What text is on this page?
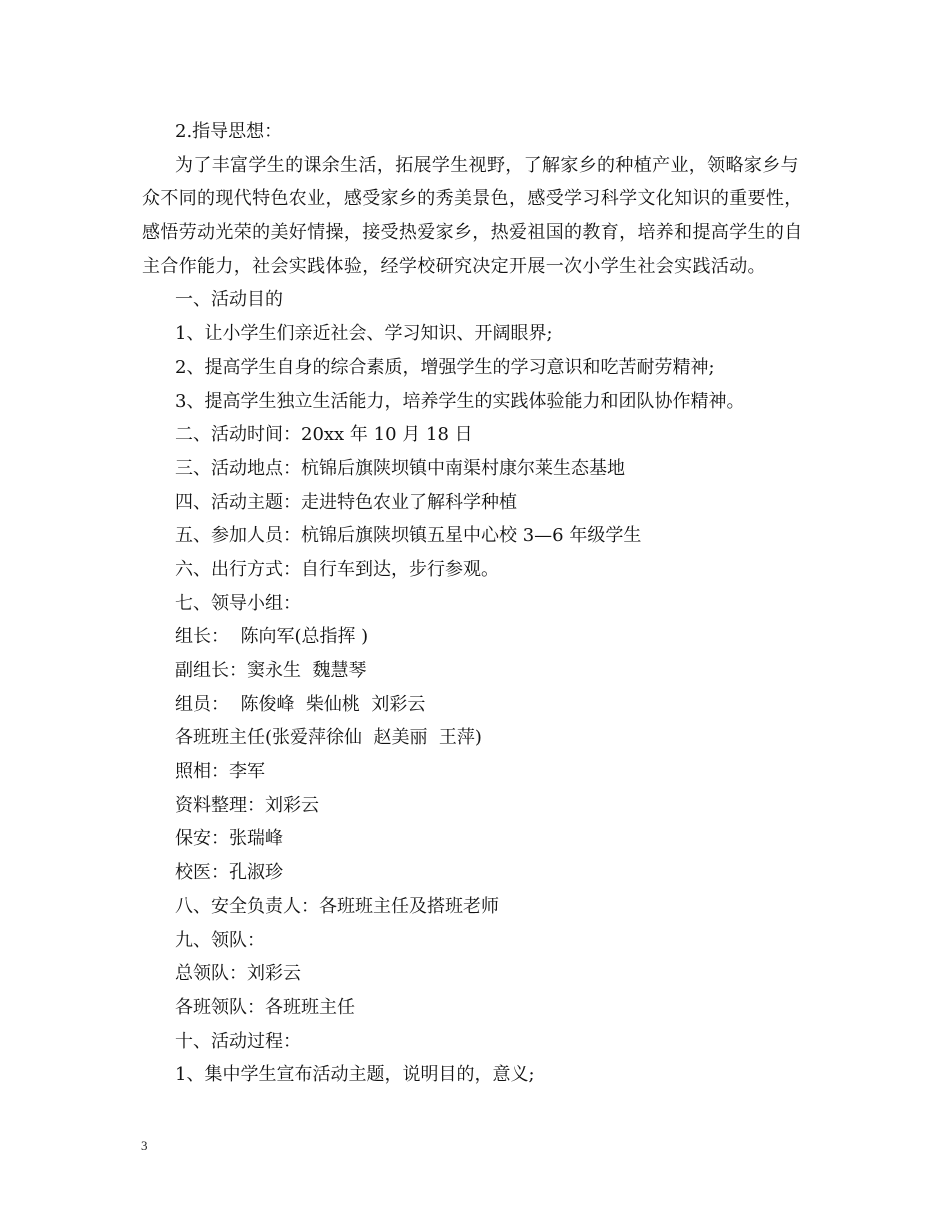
2.指导思想：
为了丰富学生的课余生活，拓展学生视野，了解家乡的种植产业，领略家乡与
众不同的现代特色农业，感受家乡的秀美景色，感受学习科学文化知识的重要性，
感悟劳动光荣的美好情操，接受热爱家乡，热爱祖国的教育，培养和提高学生的自
主合作能力，社会实践体验，经学校研究决定开展一次小学生社会实践活动。
一、活动目的
1、让小学生们亲近社会、学习知识、开阔眼界;
2、提高学生自身的综合素质，增强学生的学习意识和吃苦耐劳精神;
3、提高学生独立生活能力，培养学生的实践体验能力和团队协作精神。
二、活动时间：20xx 年 10 月 18 日
三、活动地点：杭锦后旗陕坝镇中南渠村康尔莱生态基地
四、活动主题：走进特色农业了解科学种植
五、参加人员：杭锦后旗陕坝镇五星中心校 3—6 年级学生
六、出行方式：自行车到达，步行参观。
七、领导小组：
组长：  陈向军(总指挥 )
副组长：窦永生  魏慧琴
组员：  陈俊峰  柴仙桃  刘彩云
各班班主任(张爱萍徐仙  赵美丽  王萍)
照相：李军
资料整理：刘彩云
保安：张瑞峰
校医：孔淑珍
八、安全负责人：各班班主任及搭班老师
九、领队：
总领队：刘彩云
各班领队：各班班主任
十、活动过程：
1、集中学生宣布活动主题，说明目的，意义;
3
